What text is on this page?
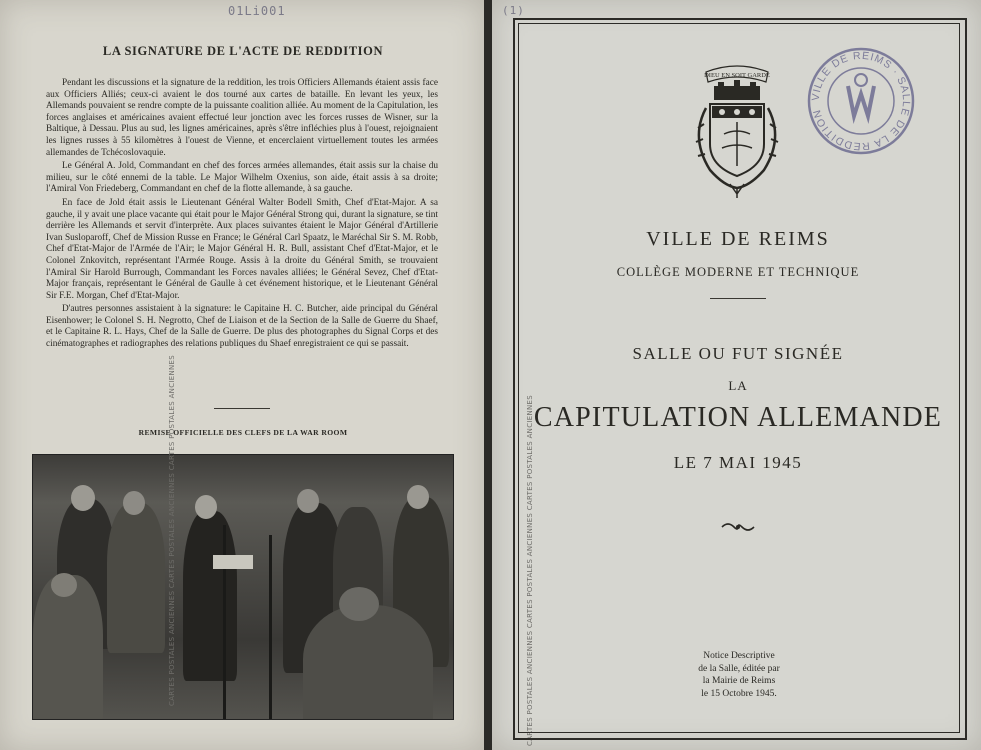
01Li001
LA SIGNATURE DE L'ACTE DE REDDITION

Pendant les discussions et la signature de la reddition, les trois Officiers Allemands étaient assis face aux Officiers Alliés; ceux-ci avaient le dos tourné aux cartes de bataille. En levant les yeux, les Allemands pouvaient se rendre compte de la puissante coalition alliée. Au moment de la Capitulation, les forces anglaises et américaines avaient effectué leur jonction avec les forces russes de Wisner, sur la Baltique, à Dessau. Plus au sud, les lignes américaines, après s'être infléchies plus à l'ouest, rejoignaient les lignes russes à 55 kilomètres à l'ouest de Vienne, et encerclaient virtuellement toutes les armées allemandes de Tchécoslovaquie.

Le Général A. Jold, Commandant en chef des forces armées allemandes, était assis sur la chaise du milieu, sur le côté ennemi de la table. Le Major Wilhelm Oxenius, son aide, était assis à sa droite; l'Amiral Von Friedeberg, Commandant en chef de la flotte allemande, à sa gauche.

En face de Jold était assis le Lieutenant Général Walter Bodell Smith, Chef d'Etat-Major. A sa gauche, il y avait une place vacante qui était pour le Major Général Strong qui, durant la signature, se tint derrière les Allemands et servit d'interprète. Aux places suivantes étaient le Major Général d'Artillerie Ivan Susloparoff, Chef de Mission Russe en France; le Général Carl Spaatz, le Maréchal Sir S. M. Robb, Chef d'Etat-Major de l'Armée de l'Air; le Major Général H. R. Bull, assistant Chef d'Etat-Major, et le Colonel Znkovitch, représentant l'Armée Rouge. Assis à la droite du Général Smith, se trouvaient l'Amiral Sir Harold Burrough, Commandant les Forces navales alliées; le Général Sevez, Chef d'Etat-Major français, représentant le Général de Gaulle à cet événement historique, et le Lieutenant Général Sir F.E. Morgan, Chef d'Etat-Major.

D'autres personnes assistaient à la signature: le Capitaine H. C. Butcher, aide principal du Général Eisenhower; le Colonel S. H. Negrotto, Chef de Liaison et de la Section de la Salle de Guerre du Shaef, et le Capitaine R. L. Hays, Chef de la Salle de Guerre. De plus des photographes du Signal Corps et des cinématographes et radiographes des relations publiques du Shaef enregistraient ce qui se passait.

REMISE OFFICIELLE DES CLEFS DE LA WAR ROOM
CARTES POSTALES ANCIENNES CARTES POSTALES ANCIENNES CARTES POSTALES ANCIENNES
(1)
CARTES POSTALES ANCIENNES CARTES POSTALES ANCIENNES CARTES POSTALES ANCIENNES
DIEU EN SOIT GARDE
VILLE DE REIMS · SALLE DE LA REDDITION
VILLE DE REIMS
COLLÈGE MODERNE ET TECHNIQUE
SALLE OU FUT SIGNÉE
LA
CAPITULATION ALLEMANDE
LE 7 MAI 1945
Notice Descriptive
de la Salle, éditée par
la Mairie de Reims
le 15 Octobre 1945.
